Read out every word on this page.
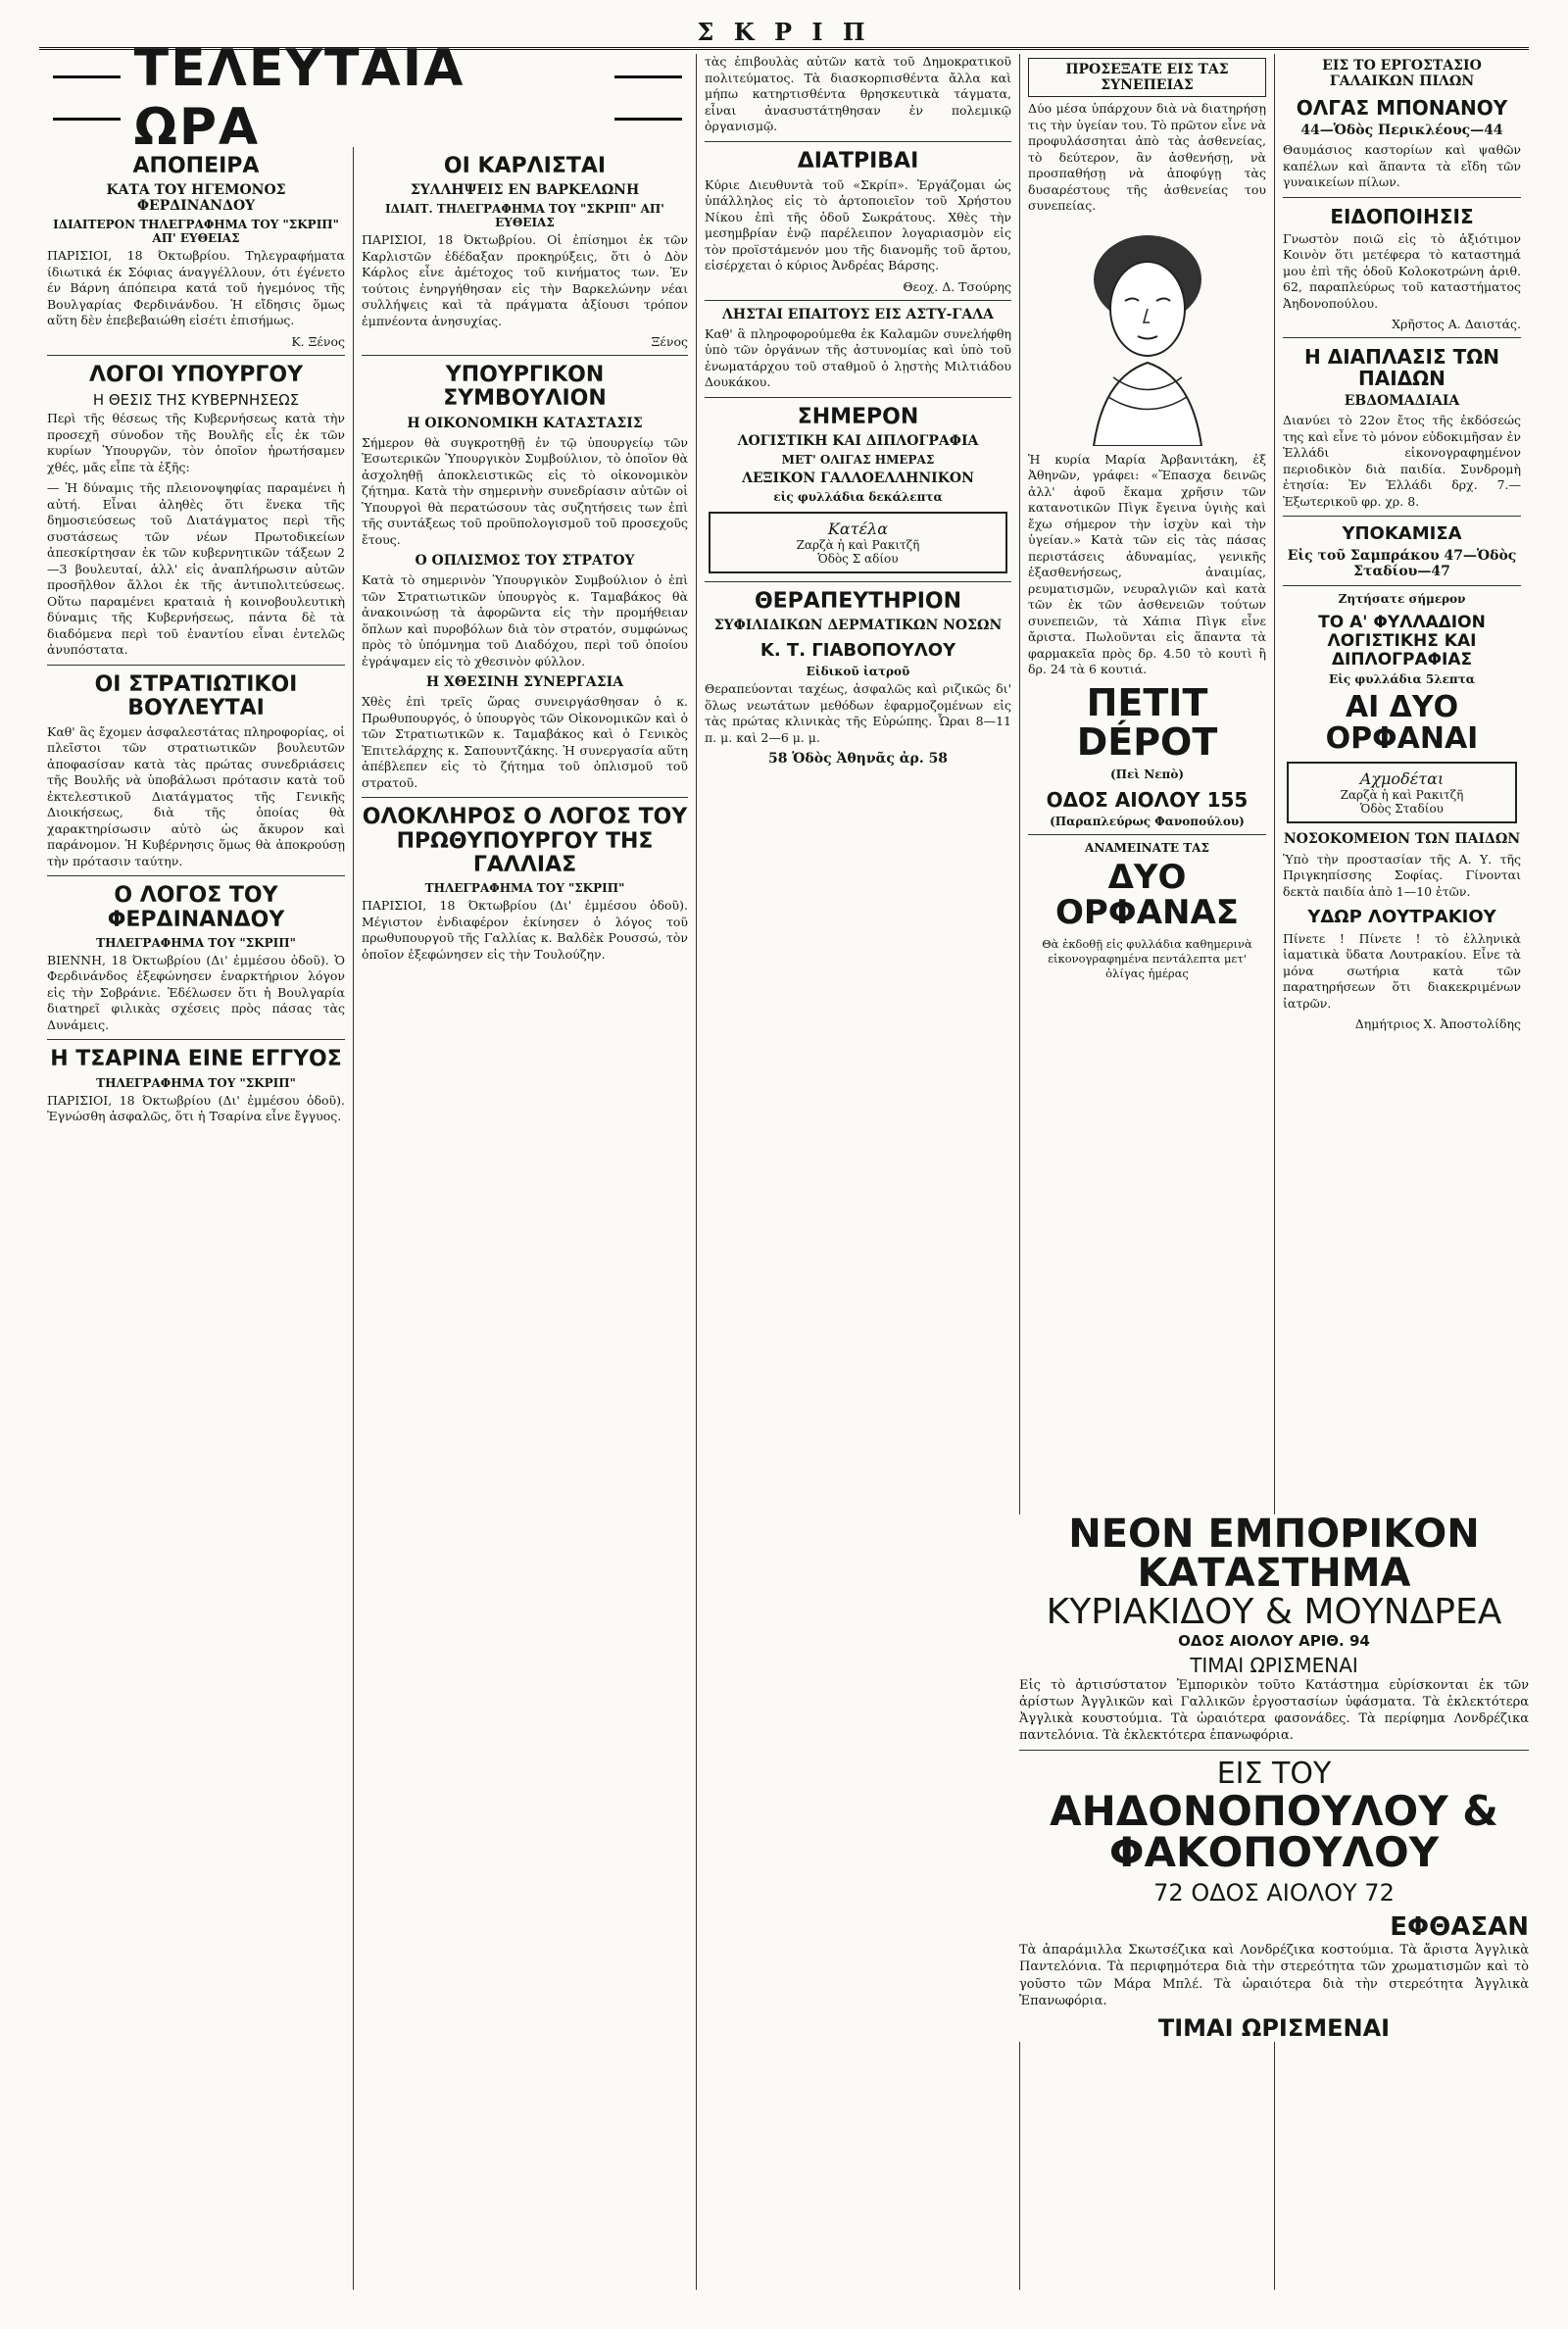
Σ Κ Ρ Ι Π
ΤΕΛΕΥΤΑΙΑ ΩΡΑ
ΑΠΟΠΕΙΡΑ
ΚΑΤΑ ΤΟΥ ΗΓΕΜΟΝΟΣ ΦΕΡΔΙΝΑΝΔΟΥ
ΙΔΙΑΙΤΕΡΟΝ ΤΗΛΕΓΡΑΦΗΜΑ ΤΟΥ "ΣΚΡΙΠ" ΑΠ' ΕΥΘΕΙΑΣ

ΠΑΡΙΣΙΟΙ, 18 Όκτωβρίου. Τηλεγραφήματα ίδιωτικά έκ Σόφιας άναγγέλλουν, ότι έγένετο έν Βάρνη άπόπειρα κατά τοῦ ἡγεμόνος τῆς Βουλγαρίας Φερδινάνδου. Ἡ εἴδησις ὅμως αὕτη δὲν ἐπεβεβαιώθη εἰσέτι ἐπισήμως.

Κ. Ξένος
ΛΟΓΟΙ ΥΠΟΥΡΓΟΥ
Η ΘΕΣΙΣ ΤΗΣ ΚΥΒΕΡΝΗΣΕΩΣ

Περὶ τῆς θέσεως τῆς Κυβερνήσεως κατὰ τὴν προσεχῆ σύνοδον τῆς Βουλῆς εἷς ἐκ τῶν κυρίων Ὑπουργῶν, τὸν ὁποῖον ἠρωτήσαμεν χθές, μᾶς εἶπε τὰ ἐξῆς:

— Ἡ δύναμις τῆς πλειονοψηφίας παραμένει ἡ αὐτή. Εἶναι ἀληθὲς ὅτι ἕνεκα τῆς δημοσιεύσεως τοῦ Διατάγματος περὶ τῆς συστάσεως τῶν νέων Πρωτοδικείων ἀπεσκίρτησαν ἐκ τῶν κυβερνητικῶν τάξεων 2—3 βουλευταί, ἀλλ' εἰς ἀναπλήρωσιν αὐτῶν προσῆλθον ἄλλοι ἐκ τῆς ἀντιπολιτεύσεως. Οὕτω παραμένει κραταιὰ ἡ κοινοβουλευτικὴ δύναμις τῆς Κυβερνήσεως, πάντα δὲ τὰ διαδόμενα περὶ τοῦ ἐναντίου εἶναι ἐντελῶς ἀνυπόστατα.

ΟΙ ΣΤΡΑΤΙΩΤΙΚΟΙ ΒΟΥΛΕΥΤΑΙ

Καθ' ἃς ἔχομεν ἀσφαλεστάτας πληροφορίας, οἱ πλεῖστοι τῶν στρατιωτικῶν βουλευτῶν ἀποφασίσαν κατὰ τὰς πρώτας συνεδριάσεις τῆς Βουλῆς νὰ ὑποβάλωσι πρότασιν κατὰ τοῦ ἐκτελεστικοῦ Διατάγματος τῆς Γενικῆς Διοικήσεως, διὰ τῆς ὁποίας θὰ χαρακτηρίσωσιν αὐτὸ ὡς ἄκυρον καὶ παράνομον. Ἡ Κυβέρνησις ὅμως θὰ ἀποκρούσῃ τὴν πρότασιν ταύτην.

Ο ΛΟΓΟΣ ΤΟΥ ΦΕΡΔΙΝΑΝΔΟΥ
ΤΗΛΕΓΡΑΦΗΜΑ ΤΟΥ "ΣΚΡΙΠ"

ΒΙΕΝΝΗ, 18 Όκτωβρίου (Δι' ἐμμέσου ὁδοῦ). Ὁ Φερδινάνδος ἐξεφώνησεν ἐναρκτήριον λόγον εἰς τὴν Σοβράνιε. Ἐδέλωσεν ὅτι ἡ Βουλγαρία διατηρεῖ φιλικὰς σχέσεις πρὸς πάσας τὰς Δυνάμεις.

Η ΤΣΑΡΙΝΑ ΕΙΝΕ ΕΓΓΥΟΣ
ΤΗΛΕΓΡΑΦΗΜΑ ΤΟΥ "ΣΚΡΙΠ"

ΠΑΡΙΣΙΟΙ, 18 Όκτωβρίου (Δι' ἐμμέσου ὁδοῦ). Ἐγνώσθη ἀσφαλῶς, ὅτι ἡ Τσαρίνα εἶνε ἔγγυος.

ΟΙ ΚΑΡΛΙΣΤΑΙ
ΣΥΛΛΗΨΕΙΣ ΕΝ ΒΑΡΚΕΛΩΝΗ
ΙΔΙΑΙΤ. ΤΗΛΕΓΡΑΦΗΜΑ ΤΟΥ "ΣΚΡΙΠ" ΑΠ' ΕΥΘΕΙΑΣ

ΠΑΡΙΣΙΟΙ, 18 Όκτωβρίου. Οἱ ἐπίσημοι ἐκ τῶν Καρλιστῶν ἐδέδαξαν προκηρύξεις, ὅτι ὁ Δὸν Κάρλος εἶνε ἀμέτοχος τοῦ κινήματος των. Ἐν τούτοις ἐνηργήθησαν εἰς τὴν Βαρκελώνην νέαι συλλήψεις καὶ τὰ πράγματα ἀξίουσι τρόπον ἐμπνέοντα ἀνησυχίας.

Ξένος
ΥΠΟΥΡΓΙΚΟΝ ΣΥΜΒΟΥΛΙΟΝ
Η ΟΙΚΟΝΟΜΙΚΗ ΚΑΤΑΣΤΑΣΙΣ

Σήμερον θὰ συγκροτηθῇ ἐν τῷ ὑπουργείῳ τῶν Ἐσωτερικῶν Ὑπουργικὸν Συμβούλιον, τὸ ὁποῖον θὰ ἀσχοληθῇ ἀποκλειστικῶς εἰς τὸ οἰκονομικὸν ζήτημα. Κατὰ τὴν σημερινὴν συνεδρίασιν αὐτῶν οἱ Ὑπουργοὶ θὰ περατώσουν τὰς συζητήσεις των ἐπὶ τῆς συντάξεως τοῦ προϋπολογισμοῦ τοῦ προσεχοῦς ἔτους.

Ο ΟΠΛΙΣΜΟΣ ΤΟΥ ΣΤΡΑΤΟΥ

Κατὰ τὸ σημερινὸν Ὑπουργικὸν Συμβούλιον ὁ ἐπὶ τῶν Στρατιωτικῶν ὑπουργὸς κ. Ταμαβάκος θὰ ἀνακοινώσῃ τὰ ἀφορῶντα εἰς τὴν προμήθειαν ὅπλων καὶ πυροβόλων διὰ τὸν στρατόν, συμφώνως πρὸς τὸ ὑπόμνημα τοῦ Διαδόχου, περὶ τοῦ ὁποίου ἐγράψαμεν εἰς τὸ χθεσινὸν φύλλον.

Η ΧΘΕΣΙΝΗ ΣΥΝΕΡΓΑΣΙΑ

Χθὲς ἐπὶ τρεῖς ὥρας συνειργάσθησαν ὁ κ. Πρωθυπουργός, ὁ ὑπουργὸς τῶν Οἰκονομικῶν καὶ ὁ τῶν Στρατιωτικῶν κ. Ταμαβάκος καὶ ὁ Γενικὸς Ἐπιτελάρχης κ. Σαπουντζάκης. Ἡ συνεργασία αὕτη ἀπέβλεπεν εἰς τὸ ζήτημα τοῦ ὁπλισμοῦ τοῦ στρατοῦ.

ΟΛΟΚΛΗΡΟΣ Ο ΛΟΓΟΣ ΤΟΥ ΠΡΩΘΥΠΟΥΡΓΟΥ ΤΗΣ ΓΑΛΛΙΑΣ
ΤΗΛΕΓΡΑΦΗΜΑ ΤΟΥ "ΣΚΡΙΠ"

ΠΑΡΙΣΙΟΙ, 18 Όκτωβρίου (Δι' ἐμμέσου ὁδοῦ). Μέγιστον ἐνδιαφέρον ἐκίνησεν ὁ λόγος τοῦ πρωθυπουργοῦ τῆς Γαλλίας κ. Βαλδὲκ Ρουσσώ, τὸν ὁποῖον ἐξεφώνησεν εἰς τὴν Τουλούζην.

τὰς ἐπιβουλὰς αὐτῶν κατὰ τοῦ Δημοκρατικοῦ πολιτεύματος. Τὰ διασκορπισθέντα ἄλλα καὶ μήπω κατηρτισθέντα θρησκευτικὰ τάγματα, εἶναι ἀνασυστάτηθησαν ἐν πολεμικῷ ὀργανισμῷ.

ΔΙΑΤΡΙΒΑΙ

Κύριε Διευθυντὰ τοῦ «Σκρίπ». Ἐργάζομαι ὡς ὑπάλληλος εἰς τὸ ἀρτοποιεῖον τοῦ Χρήστου Νίκου ἐπὶ τῆς ὁδοῦ Σωκράτους. Χθὲς τὴν μεσημβρίαν ἐνῷ παρέλειπον λογαριασμὸν εἰς τὸν προϊστάμενόν μου τῆς διανομῆς τοῦ ἄρτου, εἰσέρχεται ὁ κύριος Ἀνδρέας Βάρσης.

Θεοχ. Δ. Τσούρης
ΛΗΣΤΑΙ ΕΠΑΙΤΟΥΣ ΕΙΣ ΑΣΤΥ-ΓΑΛΑ

Καθ' ἃ πληροφορούμεθα ἐκ Καλαμῶν συνελήφθη ὑπὸ τῶν ὀργάνων τῆς ἀστυνομίας καὶ ὑπὸ τοῦ ἐνωματάρχου τοῦ σταθμοῦ ὁ λῃστὴς Μιλτιάδου Δουκάκου.

ΣΗΜΕΡΟΝ
ΛΟΓΙΣΤΙΚΗ ΚΑΙ ΔΙΠΛΟΓΡΑΦΙΑ
ΜΕΤ' ΟΛΙΓΑΣ ΗΜΕΡΑΣ
ΛΕΞΙΚΟΝ ΓΑΛΛΟΕΛΛΗΝΙΚΟΝ
εἰς φυλλάδια δεκάλεπτα
Κατέλα
Ζαρζὰ ἡ καὶ Ρακιτζῆ
Ὁδὸς Σ αδίου
ΘΕΡΑΠΕΥΤΗΡΙΟΝ
ΣΥΦΙΛΙΔΙΚΩΝ ΔΕΡΜΑΤΙΚΩΝ ΝΟΣΩΝ
Κ. Τ. ΓΙΑΒΟΠΟΥΛΟΥ
Εἰδικοῦ ἰατροῦ

Θεραπεύονται ταχέως, ἀσφαλῶς καὶ ριζικῶς δι' ὅλως νεωτάτων μεθόδων ἐφαρμοζομένων εἰς τὰς πρώτας κλινικὰς τῆς Εὐρώπης. Ὧραι 8—11 π. μ. καὶ 2—6 μ. μ.

58 Ὁδὸς Ἀθηνᾶς ἀρ. 58
ΠΡΟΣΕΞΑΤΕ ΕΙΣ ΤΑΣ ΣΥΝΕΠΕΙΑΣ

Δύο μέσα ὑπάρχουν διὰ νὰ διατηρήσῃ τις τὴν ὑγείαν του. Τὸ πρῶτον εἶνε νὰ προφυλάσσηται ἀπὸ τὰς ἀσθενείας, τὸ δεύτερον, ἂν ἀσθενήσῃ, νὰ προσπαθήσῃ νὰ ἀποφύγῃ τὰς δυσαρέστους τῆς ἀσθενείας του συνεπείας.

Ἡ κυρία Μαρία Ἀρβανιτάκη, ἐξ Ἀθηνῶν, γράφει: «Ἔπασχα δεινῶς ἀλλ' ἀφοῦ ἔκαμα χρῆσιν τῶν κατανοτικῶν Πὶγκ ἔγεινα ὑγιὴς καὶ ἔχω σήμερον τὴν ἰσχὺν καὶ τὴν ὑγείαν.» Κατὰ τῶν εἰς τὰς πάσας περιστάσεις ἀδυναμίας, γενικῆς ἐξασθενήσεως, ἀναιμίας, ρευματισμῶν, νευραλγιῶν καὶ κατὰ τῶν ἐκ τῶν ἀσθενειῶν τούτων συνεπειῶν, τὰ Χάπια Πὶγκ εἶνε ἄριστα. Πωλοῦνται εἰς ἅπαντα τὰ φαρμακεῖα πρὸς δρ. 4.50 τὸ κουτὶ ἢ δρ. 24 τὰ 6 κουτιά.

ΠΕΤΙΤ DÉPOT
(Πεὶ Νεπὸ)
ΟΔΟΣ ΑΙΟΛΟΥ 155
(Παραπλεύρως Φανοπούλου)
ΑΝΑΜΕΙΝΑΤΕ ΤΑΣ
ΔΥΟ ΟΡΦΑΝΑΣ

Θὰ ἐκδοθῇ εἰς φυλλάδια καθημερινὰ εἰκονογραφημένα πεντάλεπτα μετ' ὀλίγας ἡμέρας

ΕΙΣ ΤΟ ΕΡΓΟΣΤΑΣΙΟ ΓΑΛΑΙΚΩΝ ΠΙΛΩΝ
ΟΛΓΑΣ ΜΠΟΝΑΝΟΥ
44—Ὁδὸς Περικλέους—44

Θαυμάσιος καστορίων καὶ ψαθῶν καπέλων καὶ ἅπαντα τὰ εἴδη τῶν γυναικείων πίλων.

ΕΙΔΟΠΟΙΗΣΙΣ

Γνωστὸν ποιῶ εἰς τὸ ἀξιότιμον Κοινὸν ὅτι μετέφερα τὸ καταστημά μου ἐπὶ τῆς ὁδοῦ Κολοκοτρώνη ἀριθ. 62, παραπλεύρως τοῦ καταστήματος Ἀηδονοπούλου.

Χρῆστος Α. Δαιστάς.
Η ΔΙΑΠΛΑΣΙΣ ΤΩΝ ΠΑΙΔΩΝ
ΕΒΔΟΜΑΔΙΑΙΑ

Διανύει τὸ 22ον ἔτος τῆς ἐκδόσεώς της καὶ εἶνε τὸ μόνον εὐδοκιμῆσαν ἐν Ἑλλάδι εἰκονογραφημένον περιοδικὸν διὰ παιδία. Συνδρομὴ ἐτησία: Ἐν Ἑλλάδι δρχ. 7.—Ἐξωτερικοῦ φρ. χρ. 8.

ΥΠΟΚΑΜΙΣΑ
Εἰς τοῦ Σαμπράκου 47—Ὁδὸς Σταδίου—47
Ζητήσατε σήμερον
ΤΟ Α' ΦΥΛΛΑΔΙΟΝ ΛΟΓΙΣΤΙΚΗΣ ΚΑΙ ΔΙΠΛΟΓΡΑΦΙΑΣ
Εἰς φυλλάδια 5λεπτα
ΑΙ ΔΥΟ ΟΡΦΑΝΑΙ
Αχμοδέται
Ζαρζὰ ἡ καὶ Ρακιτζῆ
Ὁδὸς Σταδίου
ΝΟΣΟΚΟΜΕΙΟΝ ΤΩΝ ΠΑΙΔΩΝ

Ὑπὸ τὴν προστασίαν τῆς Α. Υ. τῆς Πριγκηπίσσης Σοφίας. Γίνονται δεκτὰ παιδία ἀπὸ 1—10 ἐτῶν.

ΥΔΩΡ ΛΟΥΤΡΑΚΙΟΥ

Πίνετε ! Πίνετε ! τὸ ἑλληνικὰ ἰαματικὰ ὕδατα Λουτρακίου. Εἶνε τὰ μόνα σωτήρια κατὰ τῶν παρατηρήσεων ὅτι διακεκριμένων ἰατρῶν.

Δημήτριος Χ. Ἀποστολίδης
ΝΕΟΝ ΕΜΠΟΡΙΚΟΝ ΚΑΤΑΣΤΗΜΑ
ΚΥΡΙΑΚΙΔΟΥ & ΜΟΥΝΔΡΕΑ
ΟΔΟΣ ΑΙΟΛΟΥ ΑΡΙΘ. 94
ΤΙΜΑΙ ΩΡΙΣΜΕΝΑΙ

Εἰς τὸ ἀρτισύστατον Ἐμπορικὸν τοῦτο Κατάστημα εὑρίσκονται ἐκ τῶν ἀρίστων Ἀγγλικῶν καὶ Γαλλικῶν ἐργοστασίων ὑφάσματα. Τὰ ἐκλεκτότερα Ἀγγλικὰ κουστούμια. Τὰ ὡραιότερα φασονάδες. Τὰ περίφημα Λονδρέζικα παντελόνια. Τὰ ἐκλεκτότερα ἐπανωφόρια.

ΕΙΣ ΤΟΥ
ΑΗΔΟΝΟΠΟΥΛΟΥ & ΦΑΚΟΠΟΥΛΟΥ
72 ΟΔΟΣ ΑΙΟΛΟΥ 72
ΕΦΘΑΣΑΝ

Τὰ ἀπαράμιλλα Σκωτσέζικα καὶ Λονδρέζικα κοστούμια. Τὰ ἄριστα Ἀγγλικὰ Παντελόνια. Τὰ περιφημότερα διὰ τὴν στερεότητα τῶν χρωματισμῶν καὶ τὸ γοῦστο τῶν Μάρα Μπλέ. Τὰ ὡραιότερα διὰ τὴν στερεότητα Ἀγγλικὰ Ἐπανωφόρια.

ΤΙΜΑΙ ΩΡΙΣΜΕΝΑΙ
